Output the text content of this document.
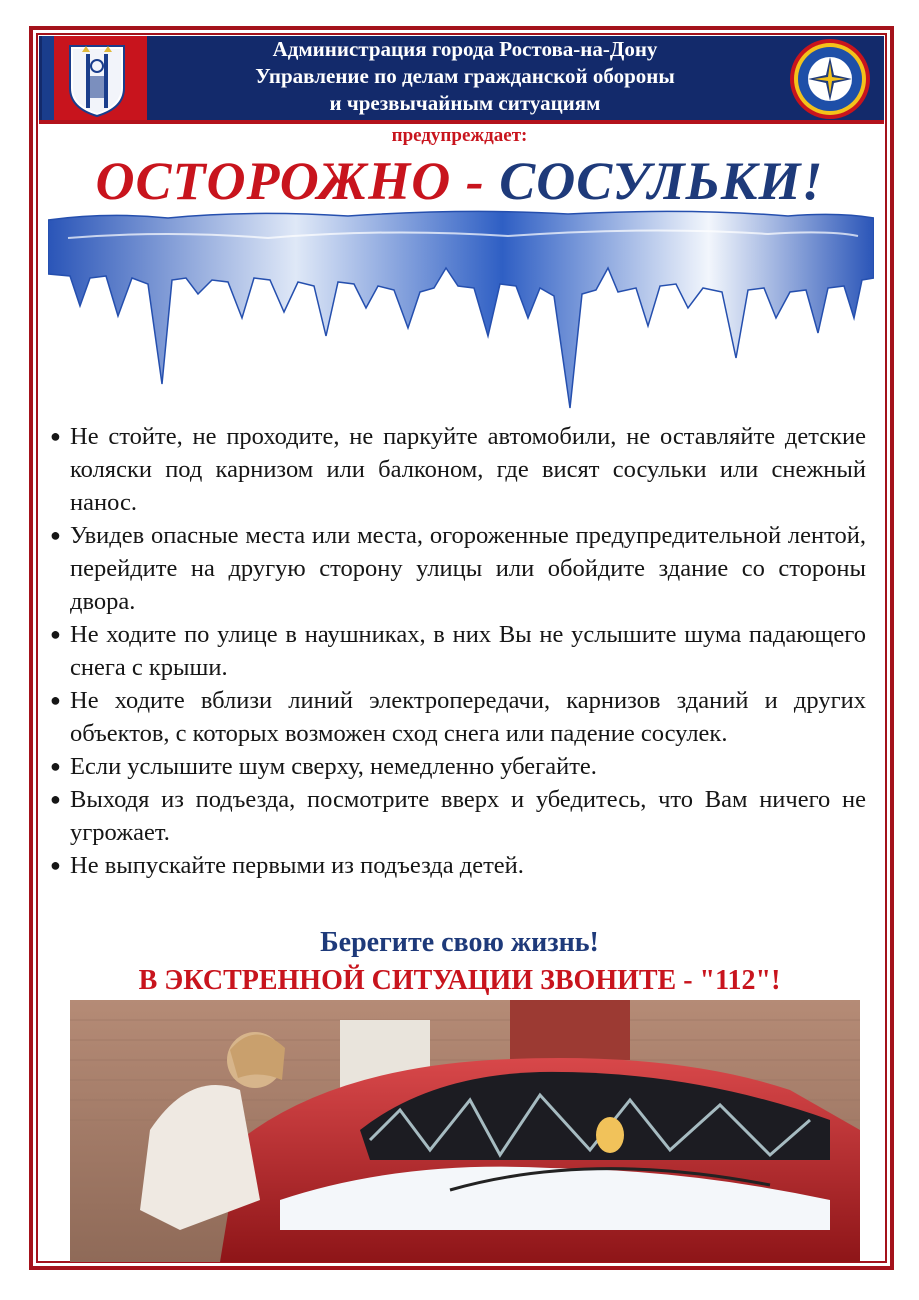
Администрация города Ростова-на-Дону
Управление по делам гражданской обороны
и чрезвычайным ситуациям
предупреждает:
ОСТОРОЖНО - СОСУЛЬКИ!
● Не стойте, не проходите, не паркуйте автомобили, не оставляйте детские коляски под карнизом или балконом, где висят сосульки или снежный нанос.
● Увидев опасные места или места, огороженные предупредительной лентой, перейдите на другую сторону улицы или обойдите здание со стороны двора.
● Не ходите по улице в наушниках, в них Вы не услышите шума падающего снега с крыши.
● Не ходите вблизи линий электропередачи, карнизов зданий и других объектов, с которых возможен сход снега или падение сосулек.
● Если услышите шум сверху, немедленно убегайте.
● Выходя из подъезда, посмотрите вверх и убедитесь, что Вам ничего не угрожает.
● Не выпускайте первыми из подъезда детей.
Берегите свою жизнь!
В ЭКСТРЕННОЙ СИТУАЦИИ ЗВОНИТЕ - "112"!
